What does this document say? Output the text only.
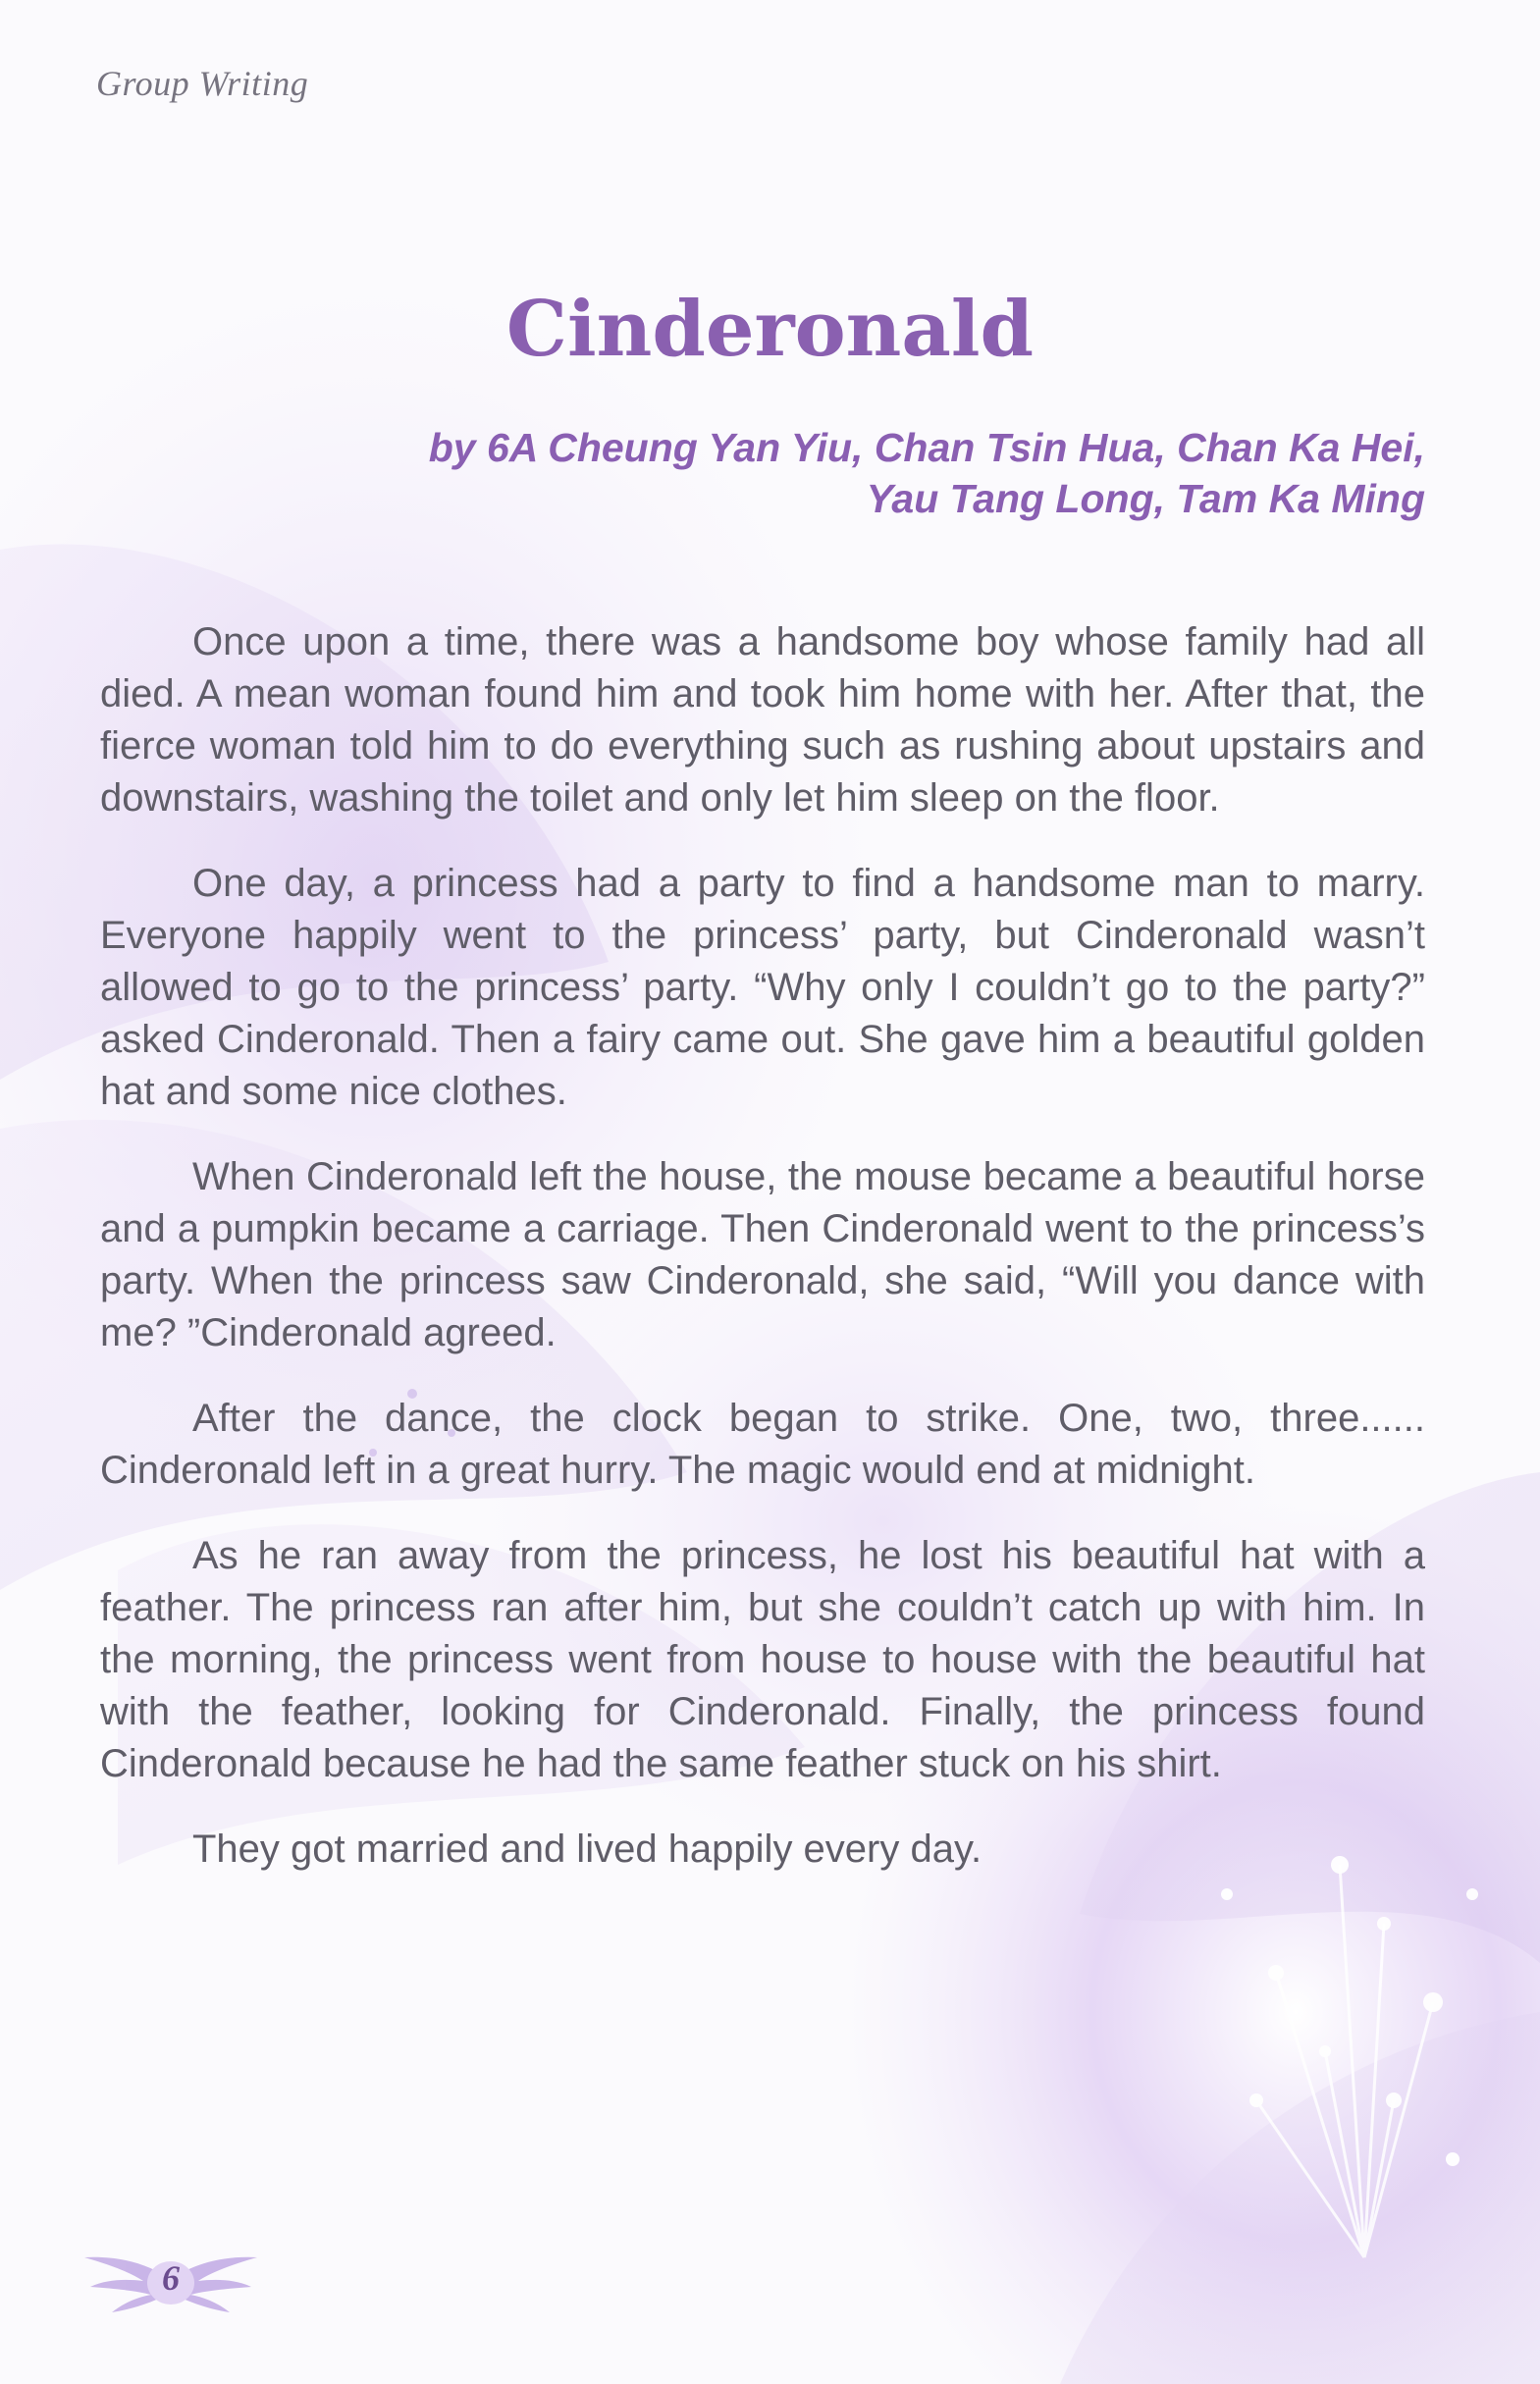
Group Writing
Cinderonald
by 6A Cheung Yan Yiu, Chan Tsin Hua, Chan Ka Hei,
Yau Tang Long, Tam Ka Ming

Once upon a time, there was a handsome boy whose family had all died. A mean woman found him and took him home with her. After that, the fierce woman told him to do everything such as rushing about upstairs and downstairs, washing the toilet and only let him sleep on the floor.

One day, a princess had a party to find a handsome man to marry. Everyone happily went to the princess’ party, but Cinderonald wasn’t allowed to go to the princess’ party. “Why only I couldn’t go to the party?” asked Cinderonald. Then a fairy came out. She gave him a beautiful golden hat and some nice clothes.

When Cinderonald left the house, the mouse became a beautiful horse and a pumpkin became a carriage. Then Cinderonald went to the princess’s party. When the princess saw Cinderonald, she said, “Will you dance with me? ”Cinderonald agreed.

After the dance, the clock began to strike. One, two, three...... Cinderonald left in a great hurry. The magic would end at midnight.

As he ran away from the princess, he lost his beautiful hat with a feather. The princess ran after him, but she couldn’t catch up with him. In the morning, the princess went from house to house with the beautiful hat with the feather, looking for Cinderonald. Finally, the princess found Cinderonald because he had the same feather stuck on his shirt.

They got married and lived happily every day.

6
